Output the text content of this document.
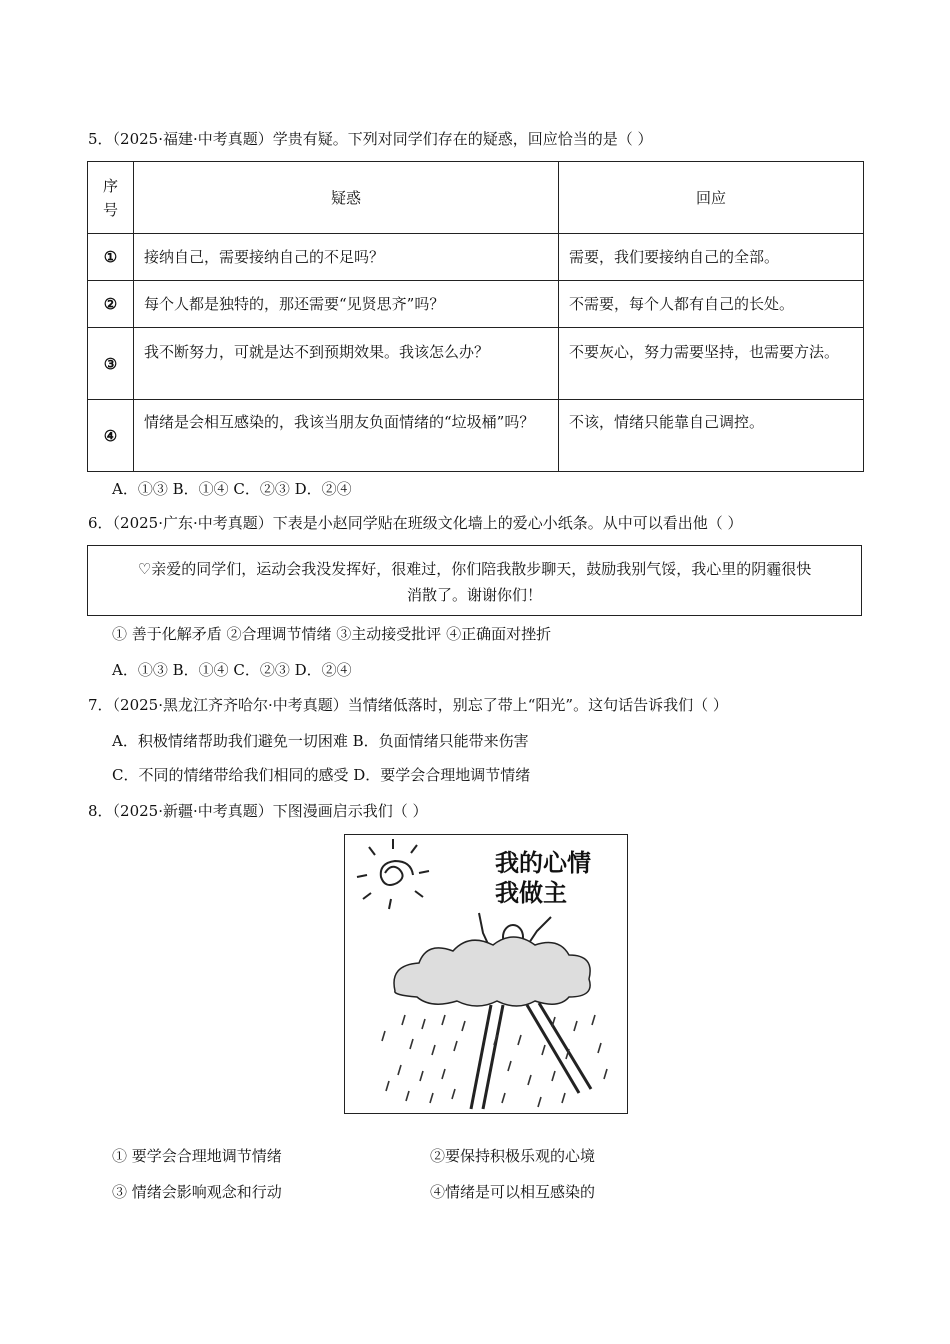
5．（2025·福建·中考真题）学贵有疑。下列对同学们存在的疑惑，回应恰当的是（ ）
序号	疑惑	回应
①	接纳自己，需要接纳自己的不足吗？	需要，我们要接纳自己的全部。
②	每个人都是独特的，那还需要“见贤思齐”吗？	不需要，每个人都有自己的长处。
③	我不断努力，可就是达不到预期效果。我该怎么办？	不要灰心，努力需要坚持，也需要方法。
④	情绪是会相互感染的，我该当朋友负面情绪的“垃圾桶”吗？	不该，情绪只能靠自己调控。
A．①③ B．①④ C．②③ D．②④
6．（2025·广东·中考真题）下表是小赵同学贴在班级文化墙上的爱心小纸条。从中可以看出他（ ）
♡亲爱的同学们，运动会我没发挥好，很难过，你们陪我散步聊天，鼓励我别气馁，我心里的阴霾很快
消散了。谢谢你们！
① 善于化解矛盾 ②合理调节情绪 ③主动接受批评 ④正确面对挫折
A．①③ B．①④ C．②③ D．②④
7．（2025·黑龙江齐齐哈尔·中考真题）当情绪低落时，别忘了带上“阳光”。这句话告诉我们（ ）
A．积极情绪帮助我们避免一切困难 B．负面情绪只能带来伤害
C．不同的情绪带给我们相同的感受 D．要学会合理地调节情绪
8．（2025·新疆·中考真题）下图漫画启示我们（ ）
我的心情
我做主
① 要学会合理地调节情绪	②要保持积极乐观的心境
③ 情绪会影响观念和行动	④情绪是可以相互感染的
